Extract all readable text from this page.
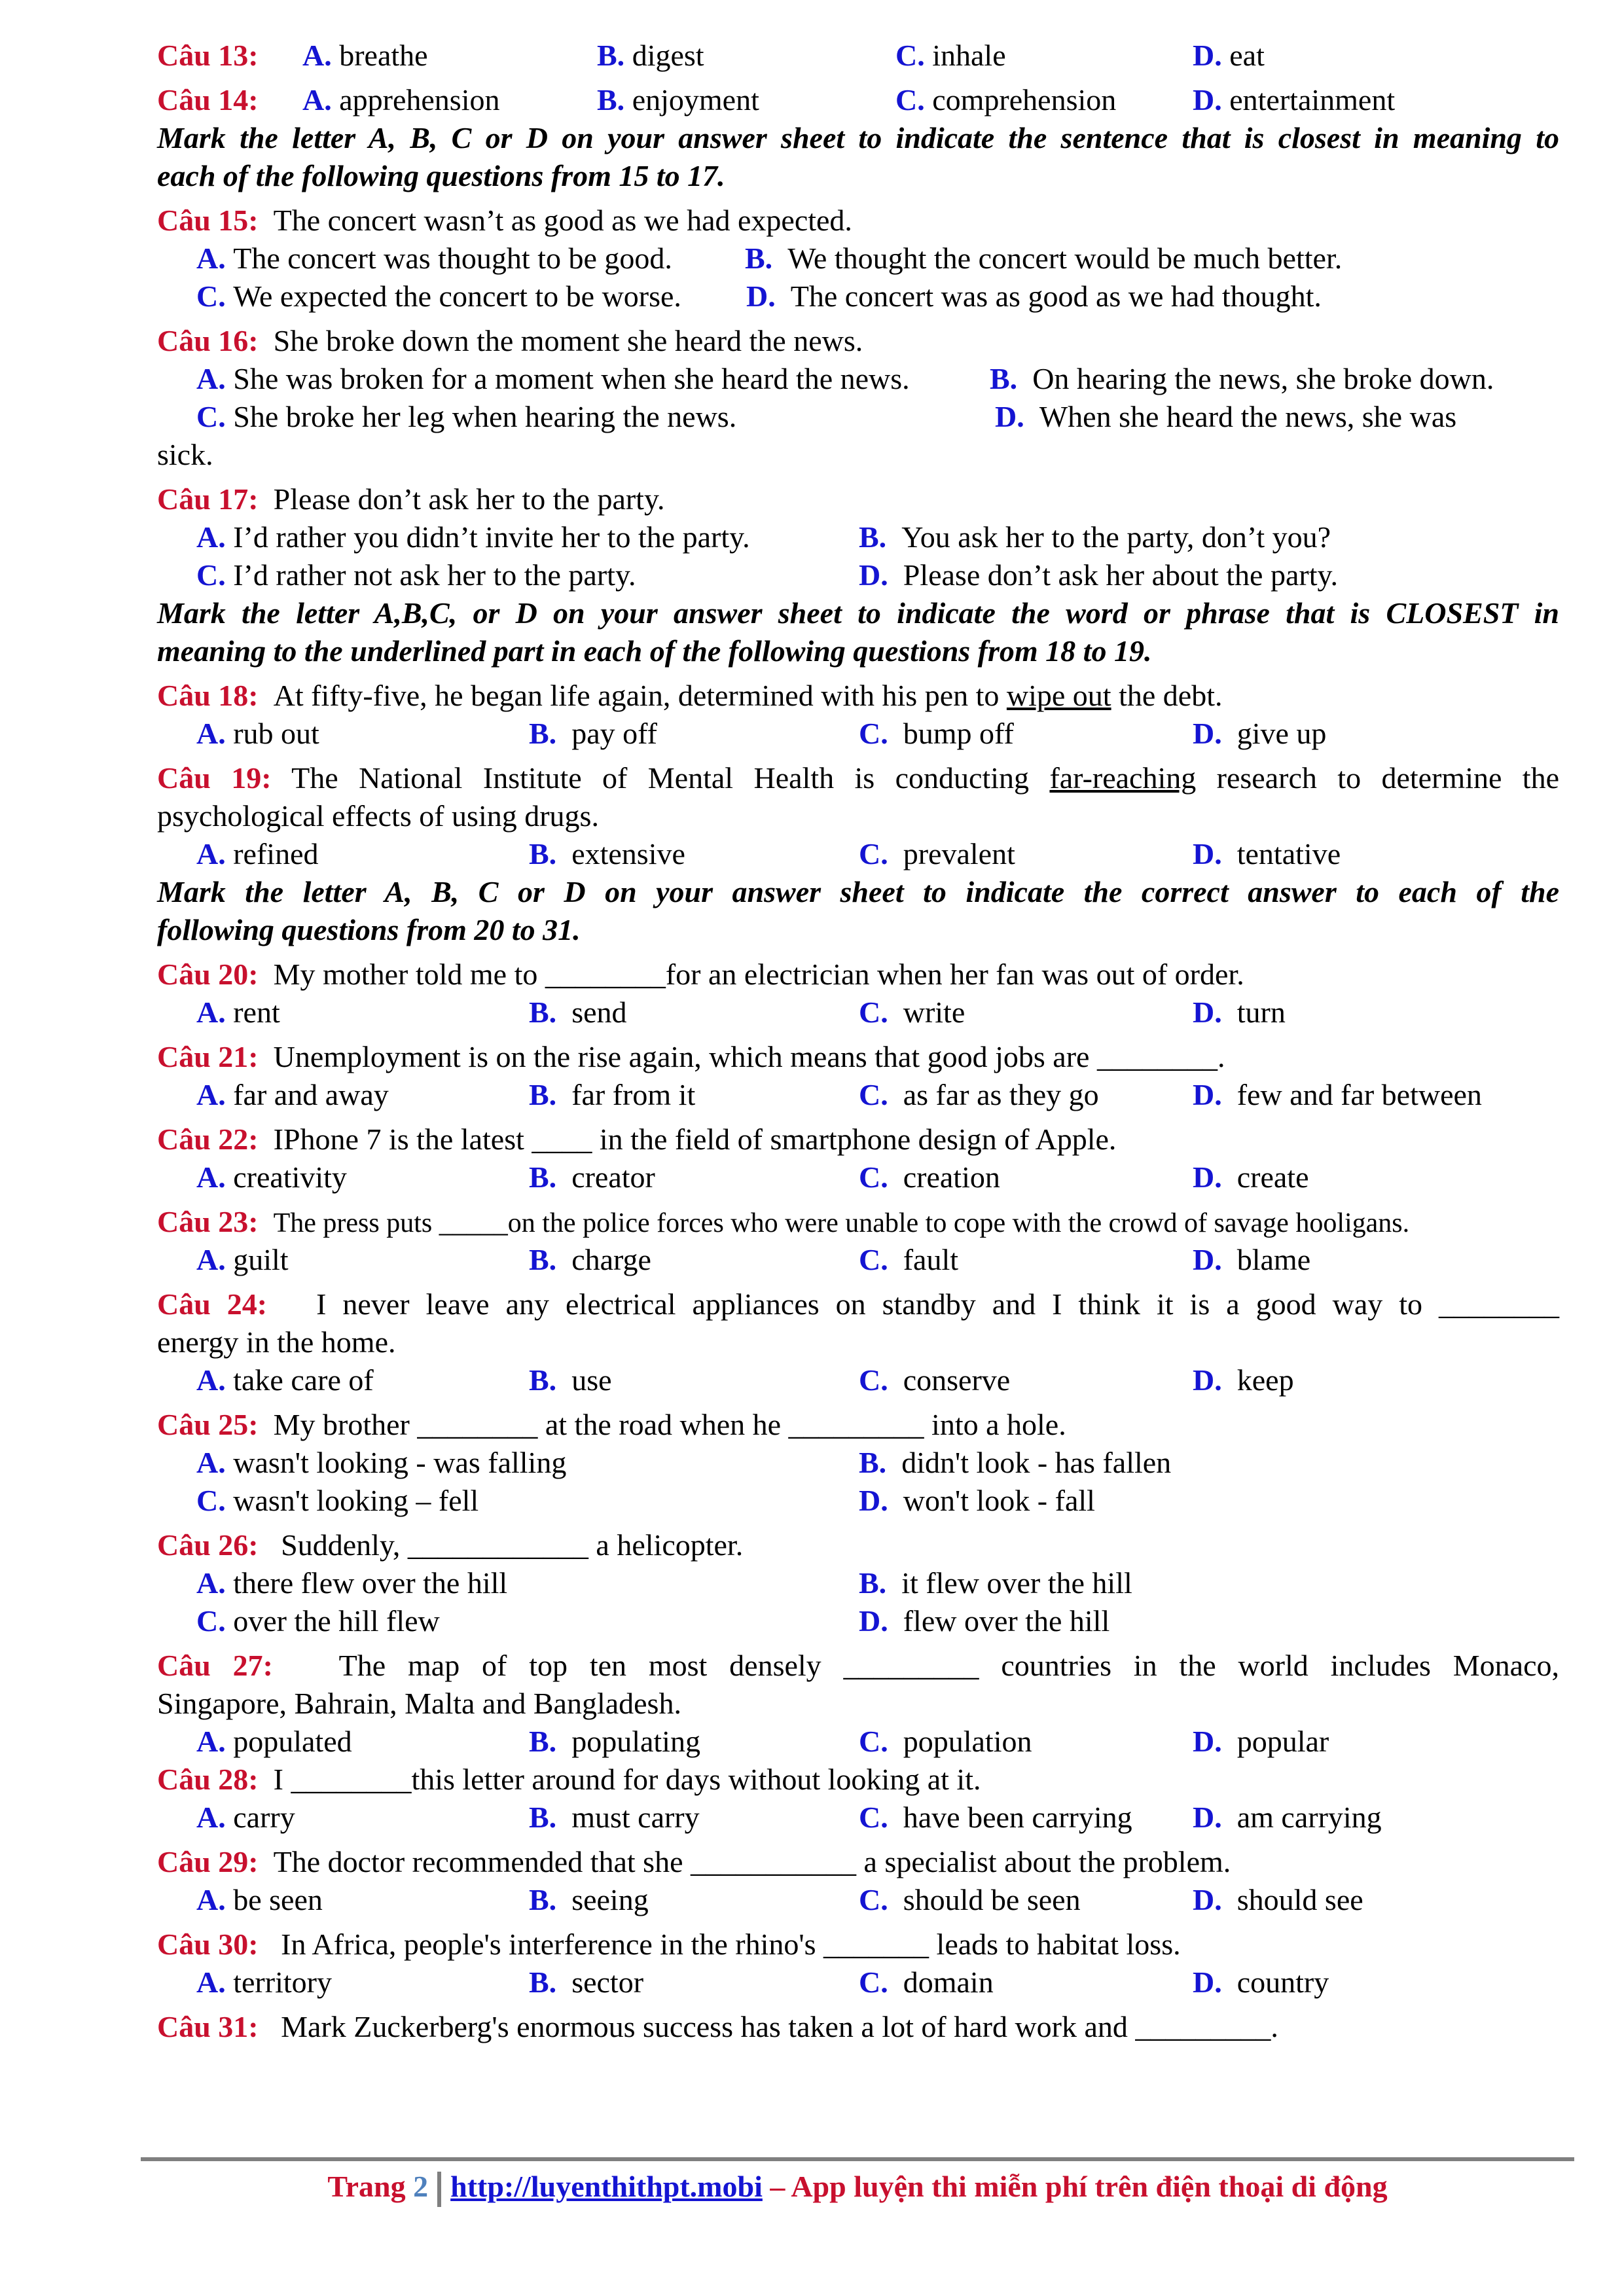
Câu 13: A. breathe	B. digest	C. inhale	D. eat
Câu 14: A. apprehension	B. enjoyment	C. comprehension	D. entertainment
Mark the letter A, B, C or D on your answer sheet to indicate the sentence that is closest in meaning to
each of the following questions from 15 to 17.
Câu 15: The concert wasn’t as good as we had expected.
A. The concert was thought to be good. B. We thought the concert would be much better.
C. We expected the concert to be worse. D. The concert was as good as we had thought.
Câu 16: She broke down the moment she heard the news.
A. She was broken for a moment when she heard the news.	B. On hearing the news, she broke down.
C. She broke her leg when hearing the news.	D. When she heard the news, she was
sick.
Câu 17: Please don’t ask her to the party.
A. I’d rather you didn’t invite her to the party.	B. You ask her to the party, don’t you?
C. I’d rather not ask her to the party.	D. Please don’t ask her about the party.
Mark the letter A,B,C, or D on your answer sheet to indicate the word or phrase that is CLOSEST in
meaning to the underlined part in each of the following questions from 18 to 19.
Câu 18: At fifty-five, he began life again, determined with his pen to wipe out the debt.
A. rub out	B. pay off	C. bump off	D. give up
Câu 19: The National Institute of Mental Health is conducting far-reaching research to determine the
psychological effects of using drugs.
A. refined	B. extensive	C. prevalent	D. tentative
Mark the letter A, B, C or D on your answer sheet to indicate the correct answer to each of the
following questions from 20 to 31.
Câu 20: My mother told me to ________for an electrician when her fan was out of order.
A. rent	B. send	C. write	D. turn
Câu 21: Unemployment is on the rise again, which means that good jobs are ________.
A. far and away	B. far from it	C. as far as they go	D. few and far between
Câu 22: IPhone 7 is the latest ____ in the field of smartphone design of Apple.
A. creativity	B. creator	C. creation	D. create
Câu 23: The press puts _____on the police forces who were unable to cope with the crowd of savage hooligans.
A. guilt	B. charge	C. fault	D. blame
Câu 24: I never leave any electrical appliances on standby and I think it is a good way to ________
energy in the home.
A. take care of	B. use	C. conserve	D. keep
Câu 25: My brother ________ at the road when he _________ into a hole.
A. wasn't looking - was falling	B. didn't look - has fallen
C. wasn't looking – fell	D. won't look - fall
Câu 26: Suddenly, ____________ a helicopter.
A. there flew over the hill	B. it flew over the hill
C. over the hill flew	D. flew over the hill
Câu 27: The map of top ten most densely _________ countries in the world includes Monaco,
Singapore, Bahrain, Malta and Bangladesh.
A. populated	B. populating	C. population	D. popular
Câu 28: I ________this letter around for days without looking at it.
A. carry	B. must carry	C. have been carrying D. am carrying
Câu 29: The doctor recommended that she ___________ a specialist about the problem.
A. be seen	B. seeing	C. should be seen	D. should see
Câu 30: In Africa, people's interference in the rhino's _______ leads to habitat loss.
A. territory	B. sector	C. domain	D. country
Câu 31: Mark Zuckerberg's enormous success has taken a lot of hard work and _________.
Trang 2 http://luyenthithpt.mobi – App luyện thi miễn phí trên điện thoại di động
